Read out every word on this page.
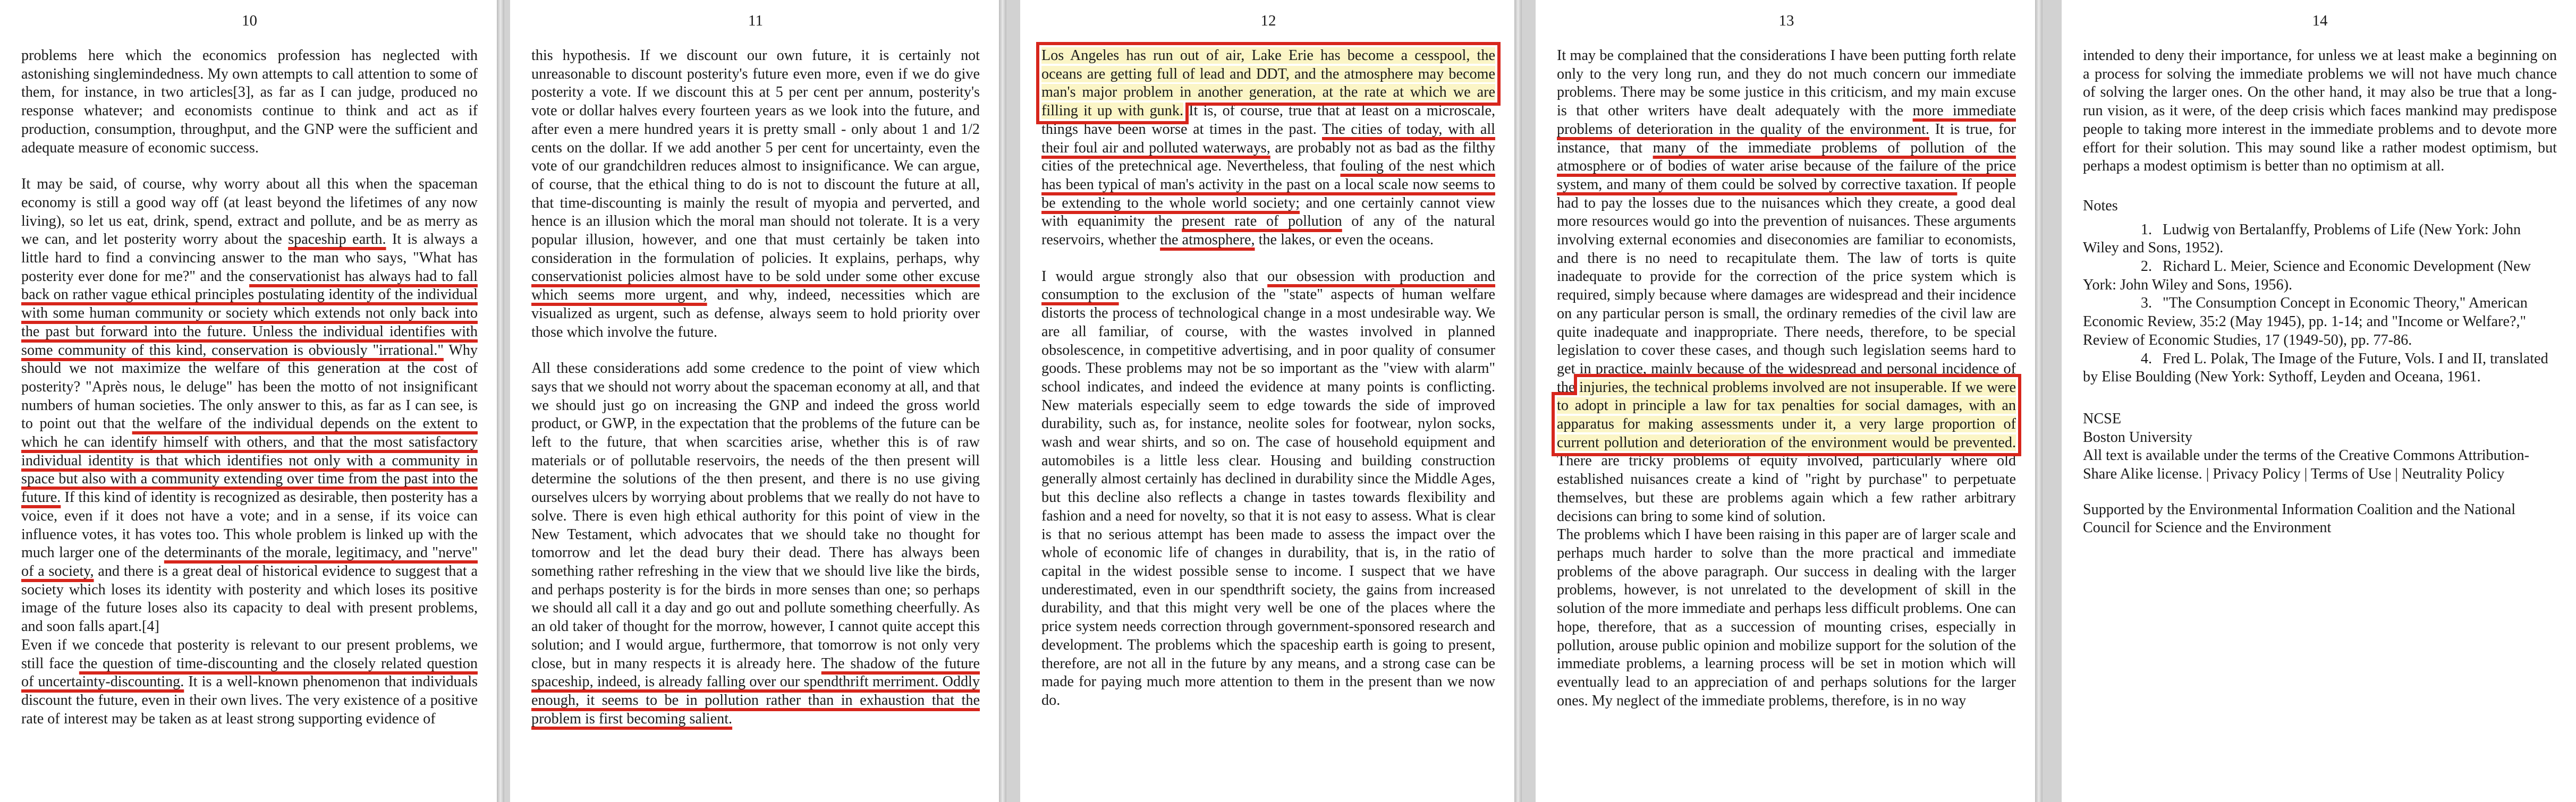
10

problems here which the economics profession has neglected with astonishing singlemindedness. My own attempts to call attention to some of them, for instance, in two articles[3], as far as I can judge, produced no response whatever; and economists continue to think and act as if production, consumption, throughput, and the GNP were the sufficient and adequate measure of economic success.

It may be said, of course, why worry about all this when the spaceman economy is still a good way off (at least beyond the lifetimes of any now living), so let us eat, drink, spend, extract and pollute, and be as merry as we can, and let posterity worry about the spaceship earth. It is always a little hard to find a convincing answer to the man who says, "What has posterity ever done for me?" and the conservationist has always had to fall back on rather vague ethical principles postulating identity of the individual with some human community or society which extends not only back into the past but forward into the future. Unless the individual identifies with some community of this kind, conservation is obviously "irrational." Why should we not maximize the welfare of this generation at the cost of posterity? "Après nous, le deluge" has been the motto of not insignificant numbers of human societies. The only answer to this, as far as I can see, is to point out that the welfare of the individual depends on the extent to which he can identify himself with others, and that the most satisfactory individual identity is that which identifies not only with a community in space but also with a community extending over time from the past into the future. If this kind of identity is recognized as desirable, then posterity has a voice, even if it does not have a vote; and in a sense, if its voice can influence votes, it has votes too. This whole problem is linked up with the much larger one of the determinants of the morale, legitimacy, and "nerve" of a society, and there is a great deal of historical evidence to suggest that a society which loses its identity with posterity and which loses its positive image of the future loses also its capacity to deal with present problems, and soon falls apart.[4]

Even if we concede that posterity is relevant to our present problems, we still face the question of time-discounting and the closely related question of uncertainty-discounting. It is a well-known phenomenon that individuals discount the future, even in their own lives. The very existence of a positive rate of interest may be taken as at least strong supporting evidence of

11

this hypothesis. If we discount our own future, it is certainly not unreasonable to discount posterity's future even more, even if we do give posterity a vote. If we discount this at 5 per cent per annum, posterity's vote or dollar halves every fourteen years as we look into the future, and after even a mere hundred years it is pretty small - only about 1 and 1/2 cents on the dollar. If we add another 5 per cent for uncertainty, even the vote of our grandchildren reduces almost to insignificance. We can argue, of course, that the ethical thing to do is not to discount the future at all, that time-discounting is mainly the result of myopia and perverted, and hence is an illusion which the moral man should not tolerate. It is a very popular illusion, however, and one that must certainly be taken into consideration in the formulation of policies. It explains, perhaps, why conservationist policies almost have to be sold under some other excuse which seems more urgent, and why, indeed, necessities which are visualized as urgent, such as defense, always seem to hold priority over those which involve the future.

All these considerations add some credence to the point of view which says that we should not worry about the spaceman economy at all, and that we should just go on increasing the GNP and indeed the gross world product, or GWP, in the expectation that the problems of the future can be left to the future, that when scarcities arise, whether this is of raw materials or of pollutable reservoirs, the needs of the then present will determine the solutions of the then present, and there is no use giving ourselves ulcers by worrying about problems that we really do not have to solve. There is even high ethical authority for this point of view in the New Testament, which advocates that we should take no thought for tomorrow and let the dead bury their dead. There has always been something rather refreshing in the view that we should live like the birds, and perhaps posterity is for the birds in more senses than one; so perhaps we should all call it a day and go out and pollute something cheerfully. As an old taker of thought for the morrow, however, I cannot quite accept this solution; and I would argue, furthermore, that tomorrow is not only very close, but in many respects it is already here. The shadow of the future spaceship, indeed, is already falling over our spendthrift merriment. Oddly enough, it seems to be in pollution rather than in exhaustion that the problem is first becoming salient.

12

Los Angeles has run out of air, Lake Erie has become a cesspool, the oceans are getting full of lead and DDT, and the atmosphere may become man's major problem in another generation, at the rate at which we are filling it up with gunk. It is, of course, true that at least on a microscale, things have been worse at times in the past. The cities of today, with all their foul air and polluted waterways, are probably not as bad as the filthy cities of the pretechnical age. Nevertheless, that fouling of the nest which has been typical of man's activity in the past on a local scale now seems to be extending to the whole world society; and one certainly cannot view with equanimity the present rate of pollution of any of the natural reservoirs, whether the atmosphere, the lakes, or even the oceans.

I would argue strongly also that our obsession with production and consumption to the exclusion of the "state" aspects of human welfare distorts the process of technological change in a most undesirable way. We are all familiar, of course, with the wastes involved in planned obsolescence, in competitive advertising, and in poor quality of consumer goods. These problems may not be so important as the "view with alarm" school indicates, and indeed the evidence at many points is conflicting. New materials especially seem to edge towards the side of improved durability, such as, for instance, neolite soles for footwear, nylon socks, wash and wear shirts, and so on. The case of household equipment and automobiles is a little less clear. Housing and building construction generally almost certainly has declined in durability since the Middle Ages, but this decline also reflects a change in tastes towards flexibility and fashion and a need for novelty, so that it is not easy to assess. What is clear is that no serious attempt has been made to assess the impact over the whole of economic life of changes in durability, that is, in the ratio of capital in the widest possible sense to income. I suspect that we have underestimated, even in our spendthrift society, the gains from increased durability, and that this might very well be one of the places where the price system needs correction through government-sponsored research and development. The problems which the spaceship earth is going to present, therefore, are not all in the future by any means, and a strong case can be made for paying much more attention to them in the present than we now do.

13

It may be complained that the considerations I have been putting forth relate only to the very long run, and they do not much concern our immediate problems. There may be some justice in this criticism, and my main excuse is that other writers have dealt adequately with the more immediate problems of deterioration in the quality of the environment. It is true, for instance, that many of the immediate problems of pollution of the atmosphere or of bodies of water arise because of the failure of the price system, and many of them could be solved by corrective taxation. If people had to pay the losses due to the nuisances which they create, a good deal more resources would go into the prevention of nuisances. These arguments involving external economies and diseconomies are familiar to economists, and there is no need to recapitulate them. The law of torts is quite inadequate to provide for the correction of the price system which is required, simply because where damages are widespread and their incidence on any particular person is small, the ordinary remedies of the civil law are quite inadequate and inappropriate. There needs, therefore, to be special legislation to cover these cases, and though such legislation seems hard to get in practice, mainly because of the widespread and personal incidence of the injuries, the technical problems involved are not insuperable. If we were to adopt in principle a law for tax penalties for social damages, with an apparatus for making assessments under it, a very large proportion of current pollution and deterioration of the environment would be prevented. There are tricky problems of equity involved, particularly where old established nuisances create a kind of "right by purchase" to perpetuate themselves, but these are problems again which a few rather arbitrary decisions can bring to some kind of solution.

The problems which I have been raising in this paper are of larger scale and perhaps much harder to solve than the more practical and immediate problems of the above paragraph. Our success in dealing with the larger problems, however, is not unrelated to the development of skill in the solution of the more immediate and perhaps less difficult problems. One can hope, therefore, that as a succession of mounting crises, especially in pollution, arouse public opinion and mobilize support for the solution of the immediate problems, a learning process will be set in motion which will eventually lead to an appreciation of and perhaps solutions for the larger ones. My neglect of the immediate problems, therefore, is in no way

14

intended to deny their importance, for unless we at least make a beginning on a process for solving the immediate problems we will not have much chance of solving the larger ones. On the other hand, it may also be true that a long-run vision, as it were, of the deep crisis which faces mankind may predispose people to taking more interest in the immediate problems and to devote more effort for their solution. This may sound like a rather modest optimism, but perhaps a modest optimism is better than no optimism at all.

Notes
1. Ludwig von Bertalanffy, Problems of Life (New York: John Wiley and Sons, 1952).
2. Richard L. Meier, Science and Economic Development (New York: John Wiley and Sons, 1956).
3. "The Consumption Concept in Economic Theory," American Economic Review, 35:2 (May 1945), pp. 1-14; and "Income or Welfare?," Review of Economic Studies, 17 (1949-50), pp. 77-86.
4. Fred L. Polak, The Image of the Future, Vols. I and II, translated by Elise Boulding (New York: Sythoff, Leyden and Oceana, 1961.

NCSE

Boston University

All text is available under the terms of the Creative Commons Attribution-Share Alike license. | Privacy Policy | Terms of Use | Neutrality Policy

Supported by the Environmental Information Coalition and the National Council for Science and the Environment
